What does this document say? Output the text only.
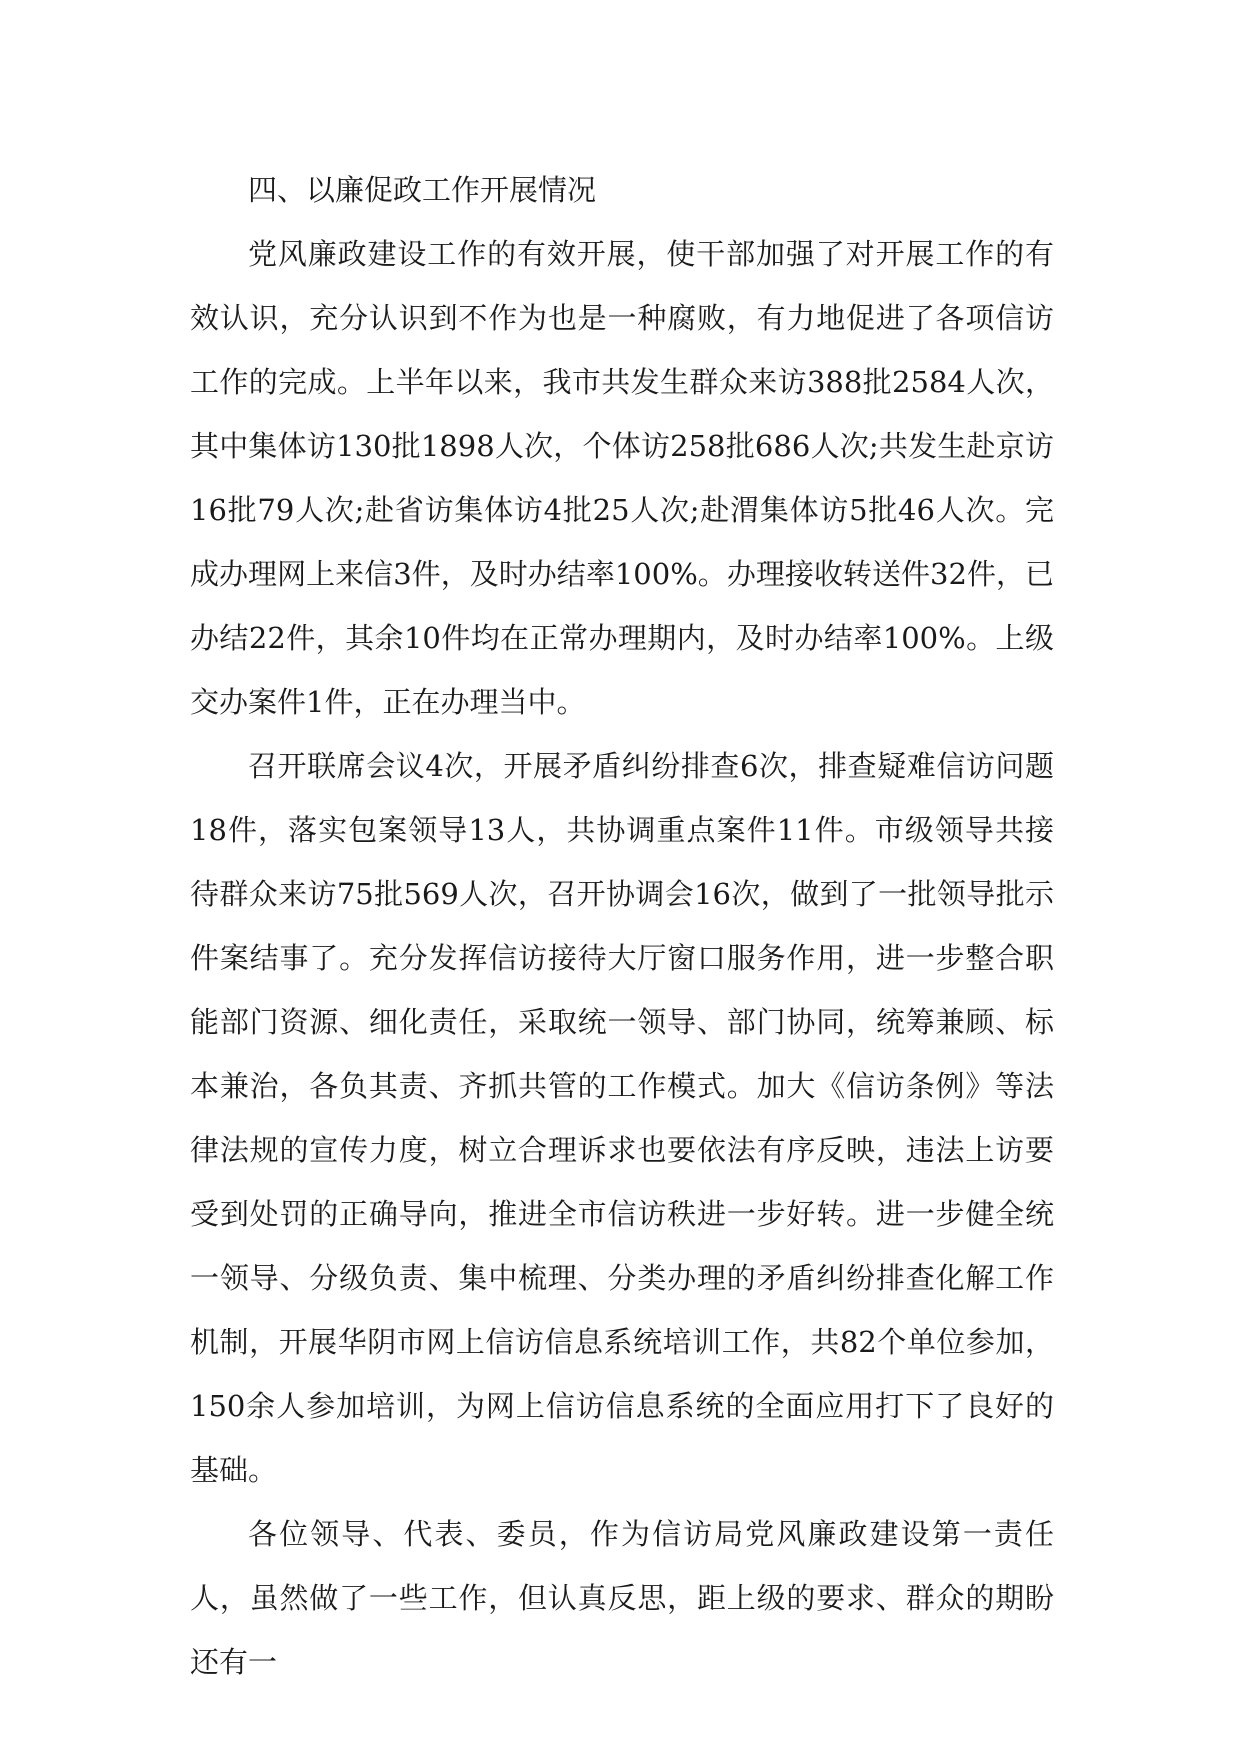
四、以廉促政工作开展情况

党风廉政建设工作的有效开展，使干部加强了对开展工作的有效认识，充分认识到不作为也是一种腐败，有力地促进了各项信访工作的完成。上半年以来，我市共发生群众来访388批2584人次，其中集体访130批1898人次，个体访258批686人次;共发生赴京访16批79人次;赴省访集体访4批25人次;赴渭集体访5批46人次。完成办理网上来信3件，及时办结率100%。办理接收转送件32件，已办结22件，其余10件均在正常办理期内，及时办结率100%。上级交办案件1件，正在办理当中。

召开联席会议4次，开展矛盾纠纷排查6次，排查疑难信访问题18件，落实包案领导13人，共协调重点案件11件。市级领导共接待群众来访75批569人次，召开协调会16次，做到了一批领导批示件案结事了。充分发挥信访接待大厅窗口服务作用，进一步整合职能部门资源、细化责任，采取统一领导、部门协同，统筹兼顾、标本兼治，各负其责、齐抓共管的工作模式。加大《信访条例》等法律法规的宣传力度，树立合理诉求也要依法有序反映，违法上访要受到处罚的正确导向，推进全市信访秩进一步好转。进一步健全统一领导、分级负责、集中梳理、分类办理的矛盾纠纷排查化解工作机制，开展华阴市网上信访信息系统培训工作，共82个单位参加，150余人参加培训，为网上信访信息系统的全面应用打下了良好的基础。

各位领导、代表、委员，作为信访局党风廉政建设第一责任人，虽然做了一些工作，但认真反思，距上级的要求、群众的期盼还有一
